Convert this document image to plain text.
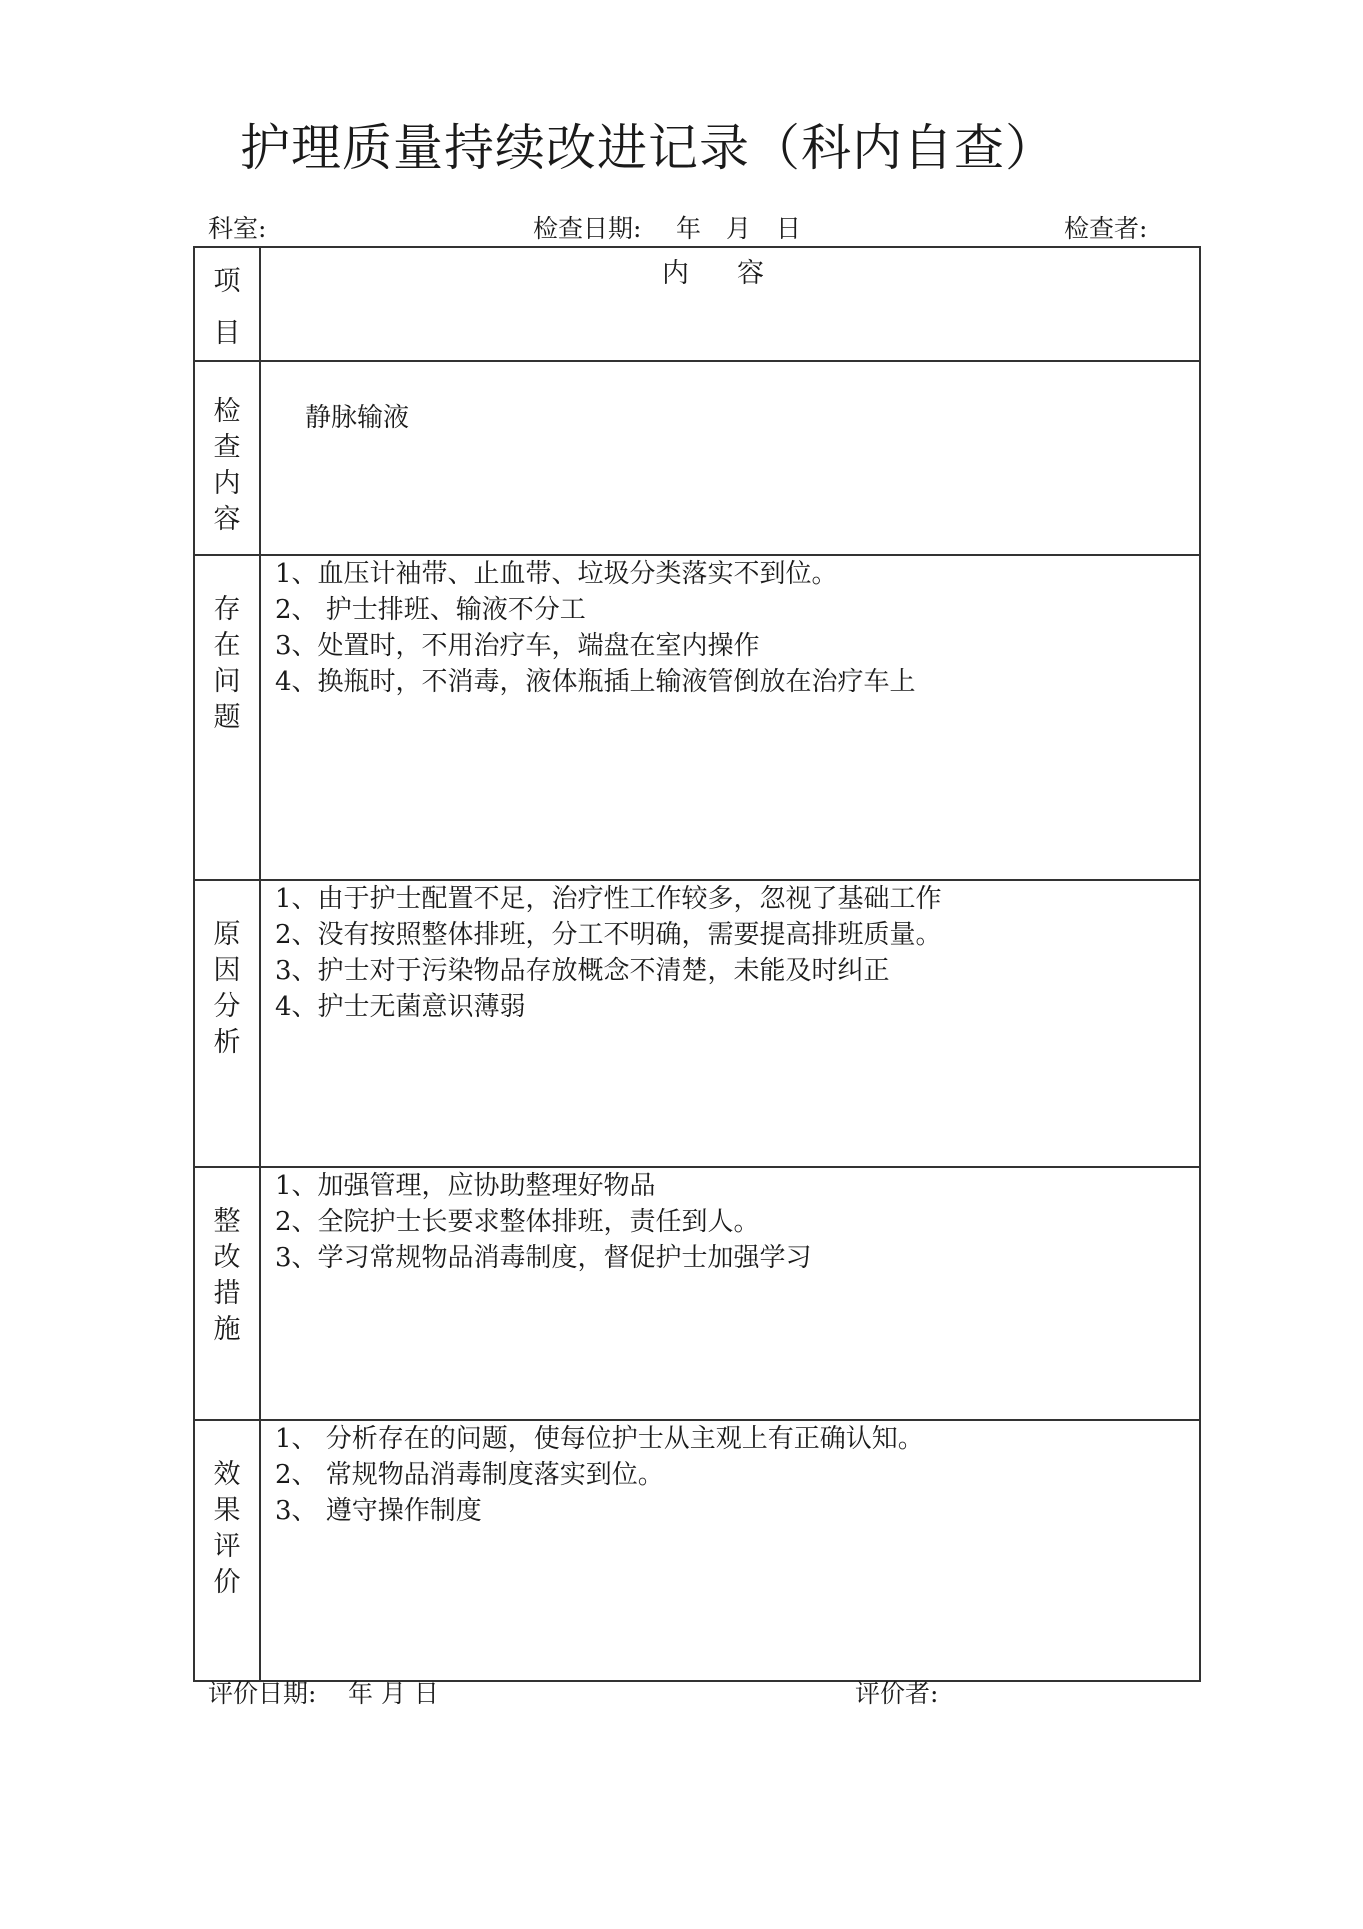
护理质量持续改进记录（科内自查）
科室:	检查日期: 年　月　日	检查者:
项目	内容

检查内容	静脉输液

存在问题	1、血压计袖带、止血带、垃圾分类落实不到位。
2、 护士排班、输液不分工
3、处置时，不用治疗车，端盘在室内操作
4、换瓶时，不消毒，液体瓶插上输液管倒放在治疗车上

原因分析	1、由于护士配置不足，治疗性工作较多，忽视了基础工作
2、没有按照整体排班，分工不明确，需要提高排班质量。
3、护士对于污染物品存放概念不清楚，未能及时纠正
4、护士无菌意识薄弱

整改措施	1、加强管理，应协助整理好物品
2、全院护士长要求整体排班，责任到人。
3、学习常规物品消毒制度，督促护士加强学习

效果评价	1、 分析存在的问题，使每位护士从主观上有正确认知。
2、 常规物品消毒制度落实到位。
3、 遵守操作制度
评价日期: 年 月 日	评价者:
